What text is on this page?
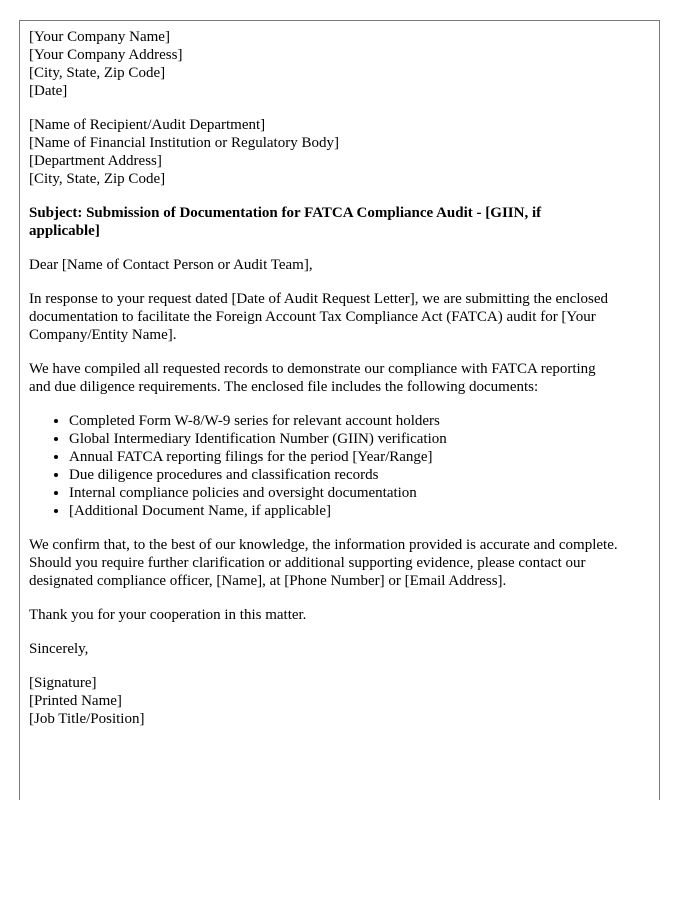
[Your Company Name]
[Your Company Address]
[City, State, Zip Code]
[Date]
[Name of Recipient/Audit Department]
[Name of Financial Institution or Regulatory Body]
[Department Address]
[City, State, Zip Code]
Subject: Submission of Documentation for FATCA Compliance Audit - [GIIN, if applicable]

Dear [Name of Contact Person or Audit Team],

In response to your request dated [Date of Audit Request Letter], we are submitting the enclosed documentation to facilitate the Foreign Account Tax Compliance Act (FATCA) audit for [Your Company/Entity Name].

We have compiled all requested records to demonstrate our compliance with FATCA reporting and due diligence requirements. The enclosed file includes the following documents:

• Completed Form W-8/W-9 series for relevant account holders
• Global Intermediary Identification Number (GIIN) verification
• Annual FATCA reporting filings for the period [Year/Range]
• Due diligence procedures and classification records
• Internal compliance policies and oversight documentation
• [Additional Document Name, if applicable]

We confirm that, to the best of our knowledge, the information provided is accurate and complete. Should you require further clarification or additional supporting evidence, please contact our designated compliance officer, [Name], at [Phone Number] or [Email Address].

Thank you for your cooperation in this matter.

Sincerely,

[Signature]
[Printed Name]
[Job Title/Position]
